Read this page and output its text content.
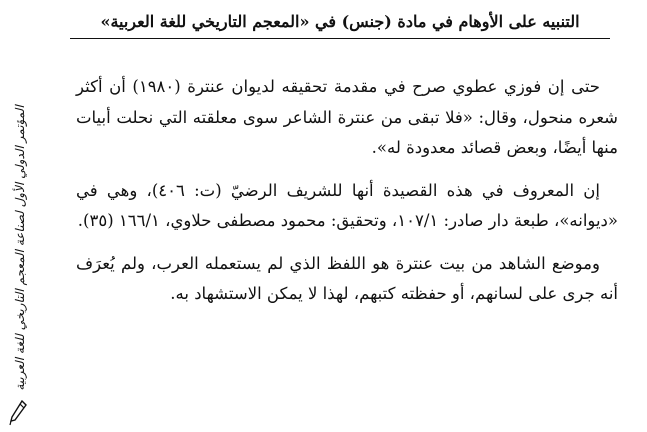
التنبيه على الأوهام في مادة (جنس) في «المعجم التاريخي للغة العربية»

حتى إن فوزي عطوي صرح في مقدمة تحقيقه لديوان عنترة (١٩٨٠) أن أكثر شعره منحول، وقال: «فلا تبقى من عنترة الشاعر سوى معلقته التي نحلت أبيات منها أيضًا، وبعض قصائد معدودة له».

إن المعروف في هذه القصيدة أنها للشريف الرضيّ (ت: ٤٠٦)، وهي في «ديوانه»، طبعة دار صادر: ١٠٧/١، وتحقيق: محمود مصطفى حلاوي، ١٦٦/١ (٣٥).

وموضع الشاهد من بيت عنترة هو اللفظ الذي لم يستعمله العرب، ولم يُعرَف أنه جرى على لسانهم، أو حفظته كتبهم، لهذا لا يمكن الاستشهاد به.

المؤتمر الدولي الأول لصناعة المعجم التاريخي للغة العربية
